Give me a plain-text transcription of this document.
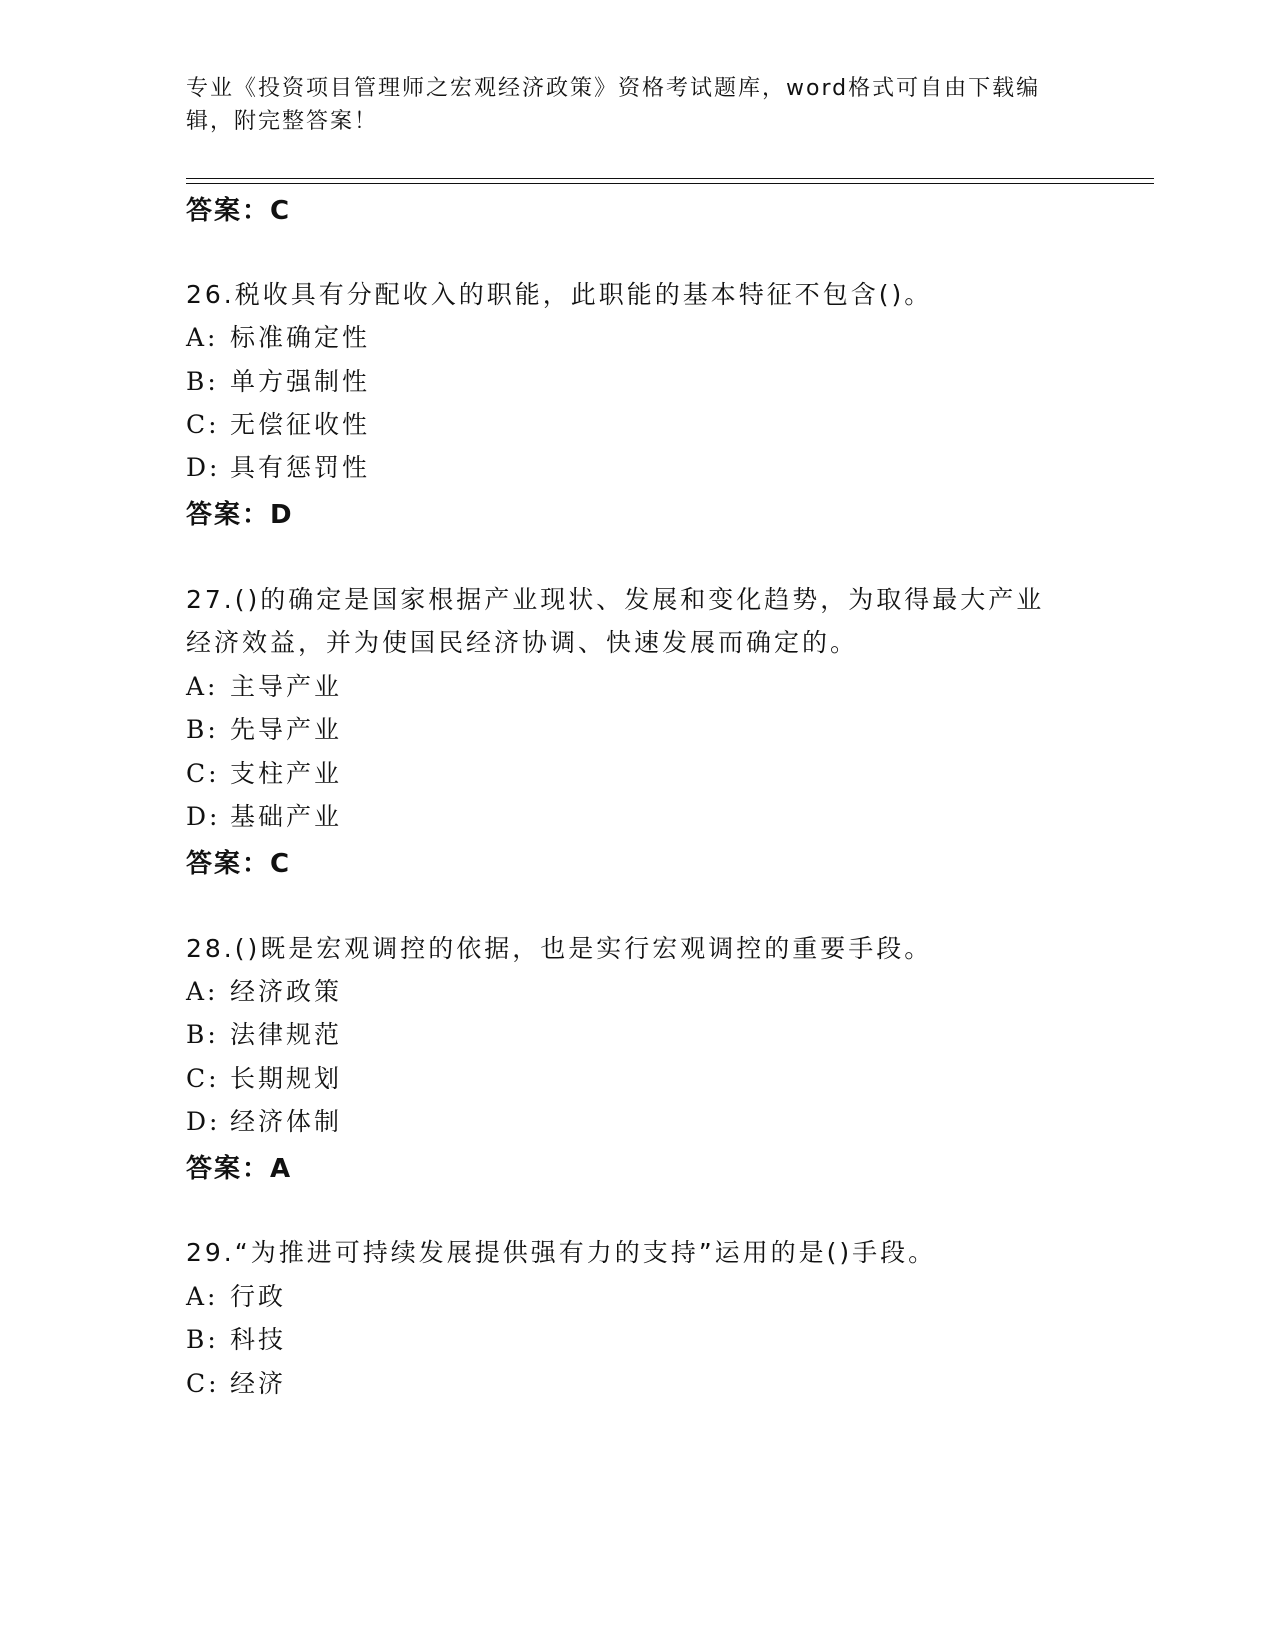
专业《投资项目管理师之宏观经济政策》资格考试题库，word格式可自由下载编
辑，附完整答案！
答案：C
26.税收具有分配收入的职能，此职能的基本特征不包含()。
A: 标准确定性
B: 单方强制性
C: 无偿征收性
D: 具有惩罚性
答案：D
27.()的确定是国家根据产业现状、发展和变化趋势，为取得最大产业
经济效益，并为使国民经济协调、快速发展而确定的。
A: 主导产业
B: 先导产业
C: 支柱产业
D: 基础产业
答案：C
28.()既是宏观调控的依据，也是实行宏观调控的重要手段。
A: 经济政策
B: 法律规范
C: 长期规划
D: 经济体制
答案：A
29.“为推进可持续发展提供强有力的支持”运用的是()手段。
A: 行政
B: 科技
C: 经济
